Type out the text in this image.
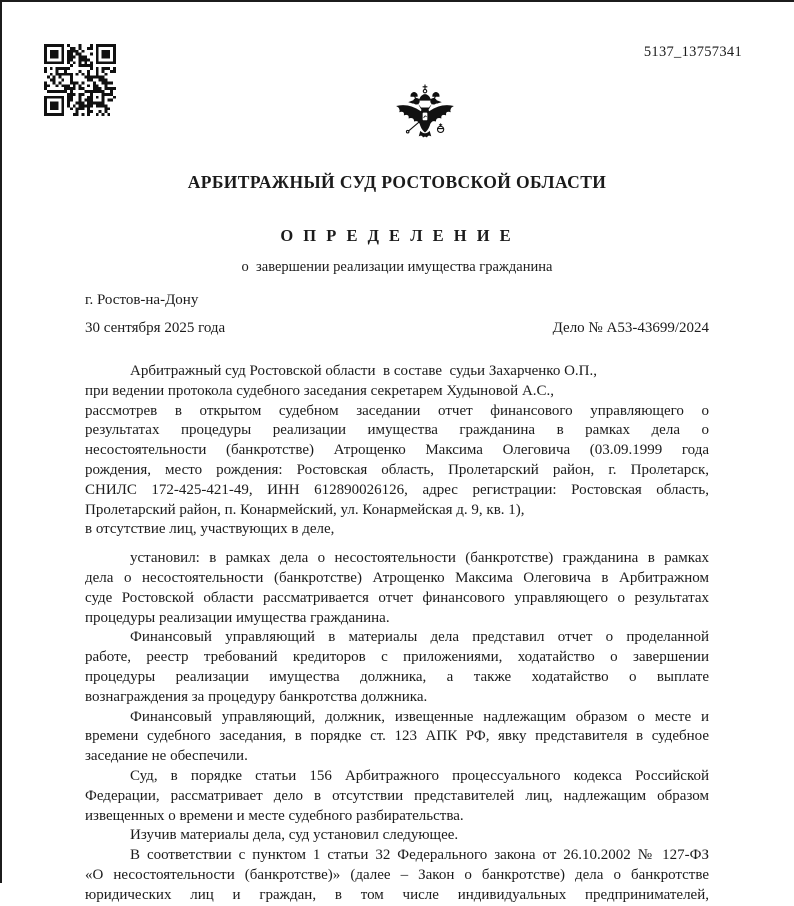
5137_13757341
АРБИТРАЖНЫЙ СУД РОСТОВСКОЙ ОБЛАСТИ
О П Р Е Д Е Л Е Н И Е
о  завершении реализации имущества гражданина
г. Ростов-на-Дону
30 сентября 2025 года	Дело № А53-43699/2024
Арбитражный суд Ростовской области  в составе  судьи Захарченко О.П.,
при ведении протокола судебного заседания секретарем Худыновой А.С.,
рассмотрев в открытом судебном заседании отчет финансового управляющего о
результатах процедуры реализации имущества гражданина в рамках дела о
несостоятельности (банкротстве) Атрощенко Максима Олеговича (03.09.1999 года
рождения, место рождения: Ростовская область, Пролетарский район, г. Пролетарск,
СНИЛС 172-425-421-49, ИНН 612890026126, адрес регистрации: Ростовская область,
Пролетарский район, п. Конармейский, ул. Конармейская д. 9, кв. 1),
в отсутствие лиц, участвующих в деле,
установил: в рамках дела о несостоятельности (банкротстве) гражданина в рамках
дела о несостоятельности (банкротстве) Атрощенко Максима Олеговича в Арбитражном
суде Ростовской области рассматривается отчет финансового управляющего о результатах
процедуры реализации имущества гражданина.
Финансовый управляющий в материалы дела представил отчет о проделанной
работе, реестр требований кредиторов с приложениями, ходатайство о завершении
процедуры реализации имущества должника, а также ходатайство о выплате
вознаграждения за процедуру банкротства должника.
Финансовый управляющий, должник, извещенные надлежащим образом о месте и
времени судебного заседания, в порядке ст. 123 АПК РФ, явку представителя в судебное
заседание не обеспечили.
Суд, в порядке статьи 156 Арбитражного процессуального кодекса Российской
Федерации, рассматривает дело в отсутствии представителей лиц, надлежащим образом
извещенных о времени и месте судебного разбирательства.
Изучив материалы дела, суд установил следующее.
В соответствии с пунктом 1 статьи 32 Федерального закона от 26.10.2002 № 127-ФЗ
«О несостоятельности (банкротстве)» (далее – Закон о банкротстве) дела о банкротстве
юридических лиц и граждан, в том числе индивидуальных предпринимателей,
